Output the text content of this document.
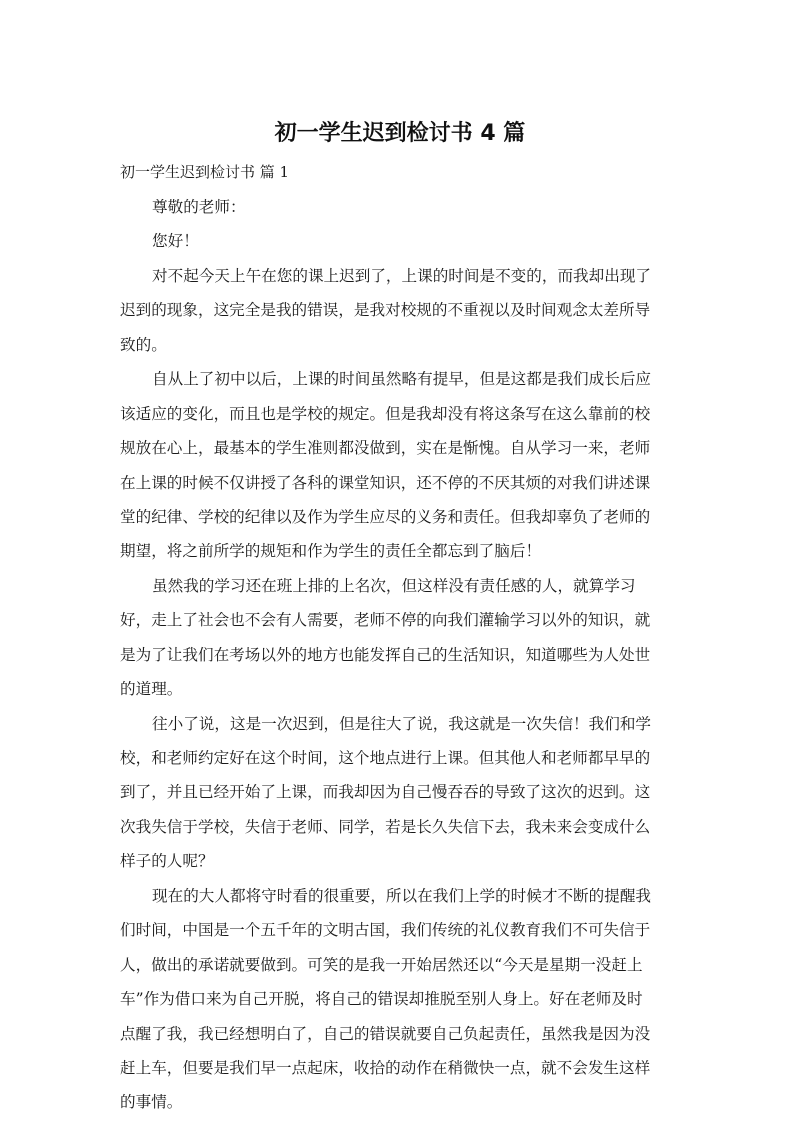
初一学生迟到检讨书 4 篇
初一学生迟到检讨书 篇 1
尊敬的老师：
您好！
对不起今天上午在您的课上迟到了，上课的时间是不变的，而我却出现了
迟到的现象，这完全是我的错误，是我对校规的不重视以及时间观念太差所导
致的。
自从上了初中以后，上课的时间虽然略有提早，但是这都是我们成长后应
该适应的变化，而且也是学校的规定。但是我却没有将这条写在这么靠前的校
规放在心上，最基本的学生准则都没做到，实在是惭愧。自从学习一来，老师
在上课的时候不仅讲授了各科的课堂知识，还不停的不厌其烦的对我们讲述课
堂的纪律、学校的纪律以及作为学生应尽的义务和责任。但我却辜负了老师的
期望，将之前所学的规矩和作为学生的责任全都忘到了脑后！
虽然我的学习还在班上排的上名次，但这样没有责任感的人，就算学习
好，走上了社会也不会有人需要，老师不停的向我们灌输学习以外的知识，就
是为了让我们在考场以外的地方也能发挥自己的生活知识，知道哪些为人处世
的道理。
往小了说，这是一次迟到，但是往大了说，我这就是一次失信！我们和学
校，和老师约定好在这个时间，这个地点进行上课。但其他人和老师都早早的
到了，并且已经开始了上课，而我却因为自己慢吞吞的导致了这次的迟到。这
次我失信于学校，失信于老师、同学，若是长久失信下去，我未来会变成什么
样子的人呢？
现在的大人都将守时看的很重要，所以在我们上学的时候才不断的提醒我
们时间，中国是一个五千年的文明古国，我们传统的礼仪教育我们不可失信于
人，做出的承诺就要做到。可笑的是我一开始居然还以“今天是星期一没赶上
车”作为借口来为自己开脱，将自己的错误却推脱至别人身上。好在老师及时
点醒了我，我已经想明白了，自己的错误就要自己负起责任，虽然我是因为没
赶上车，但要是我们早一点起床，收拾的动作在稍微快一点，就不会发生这样
的事情。
